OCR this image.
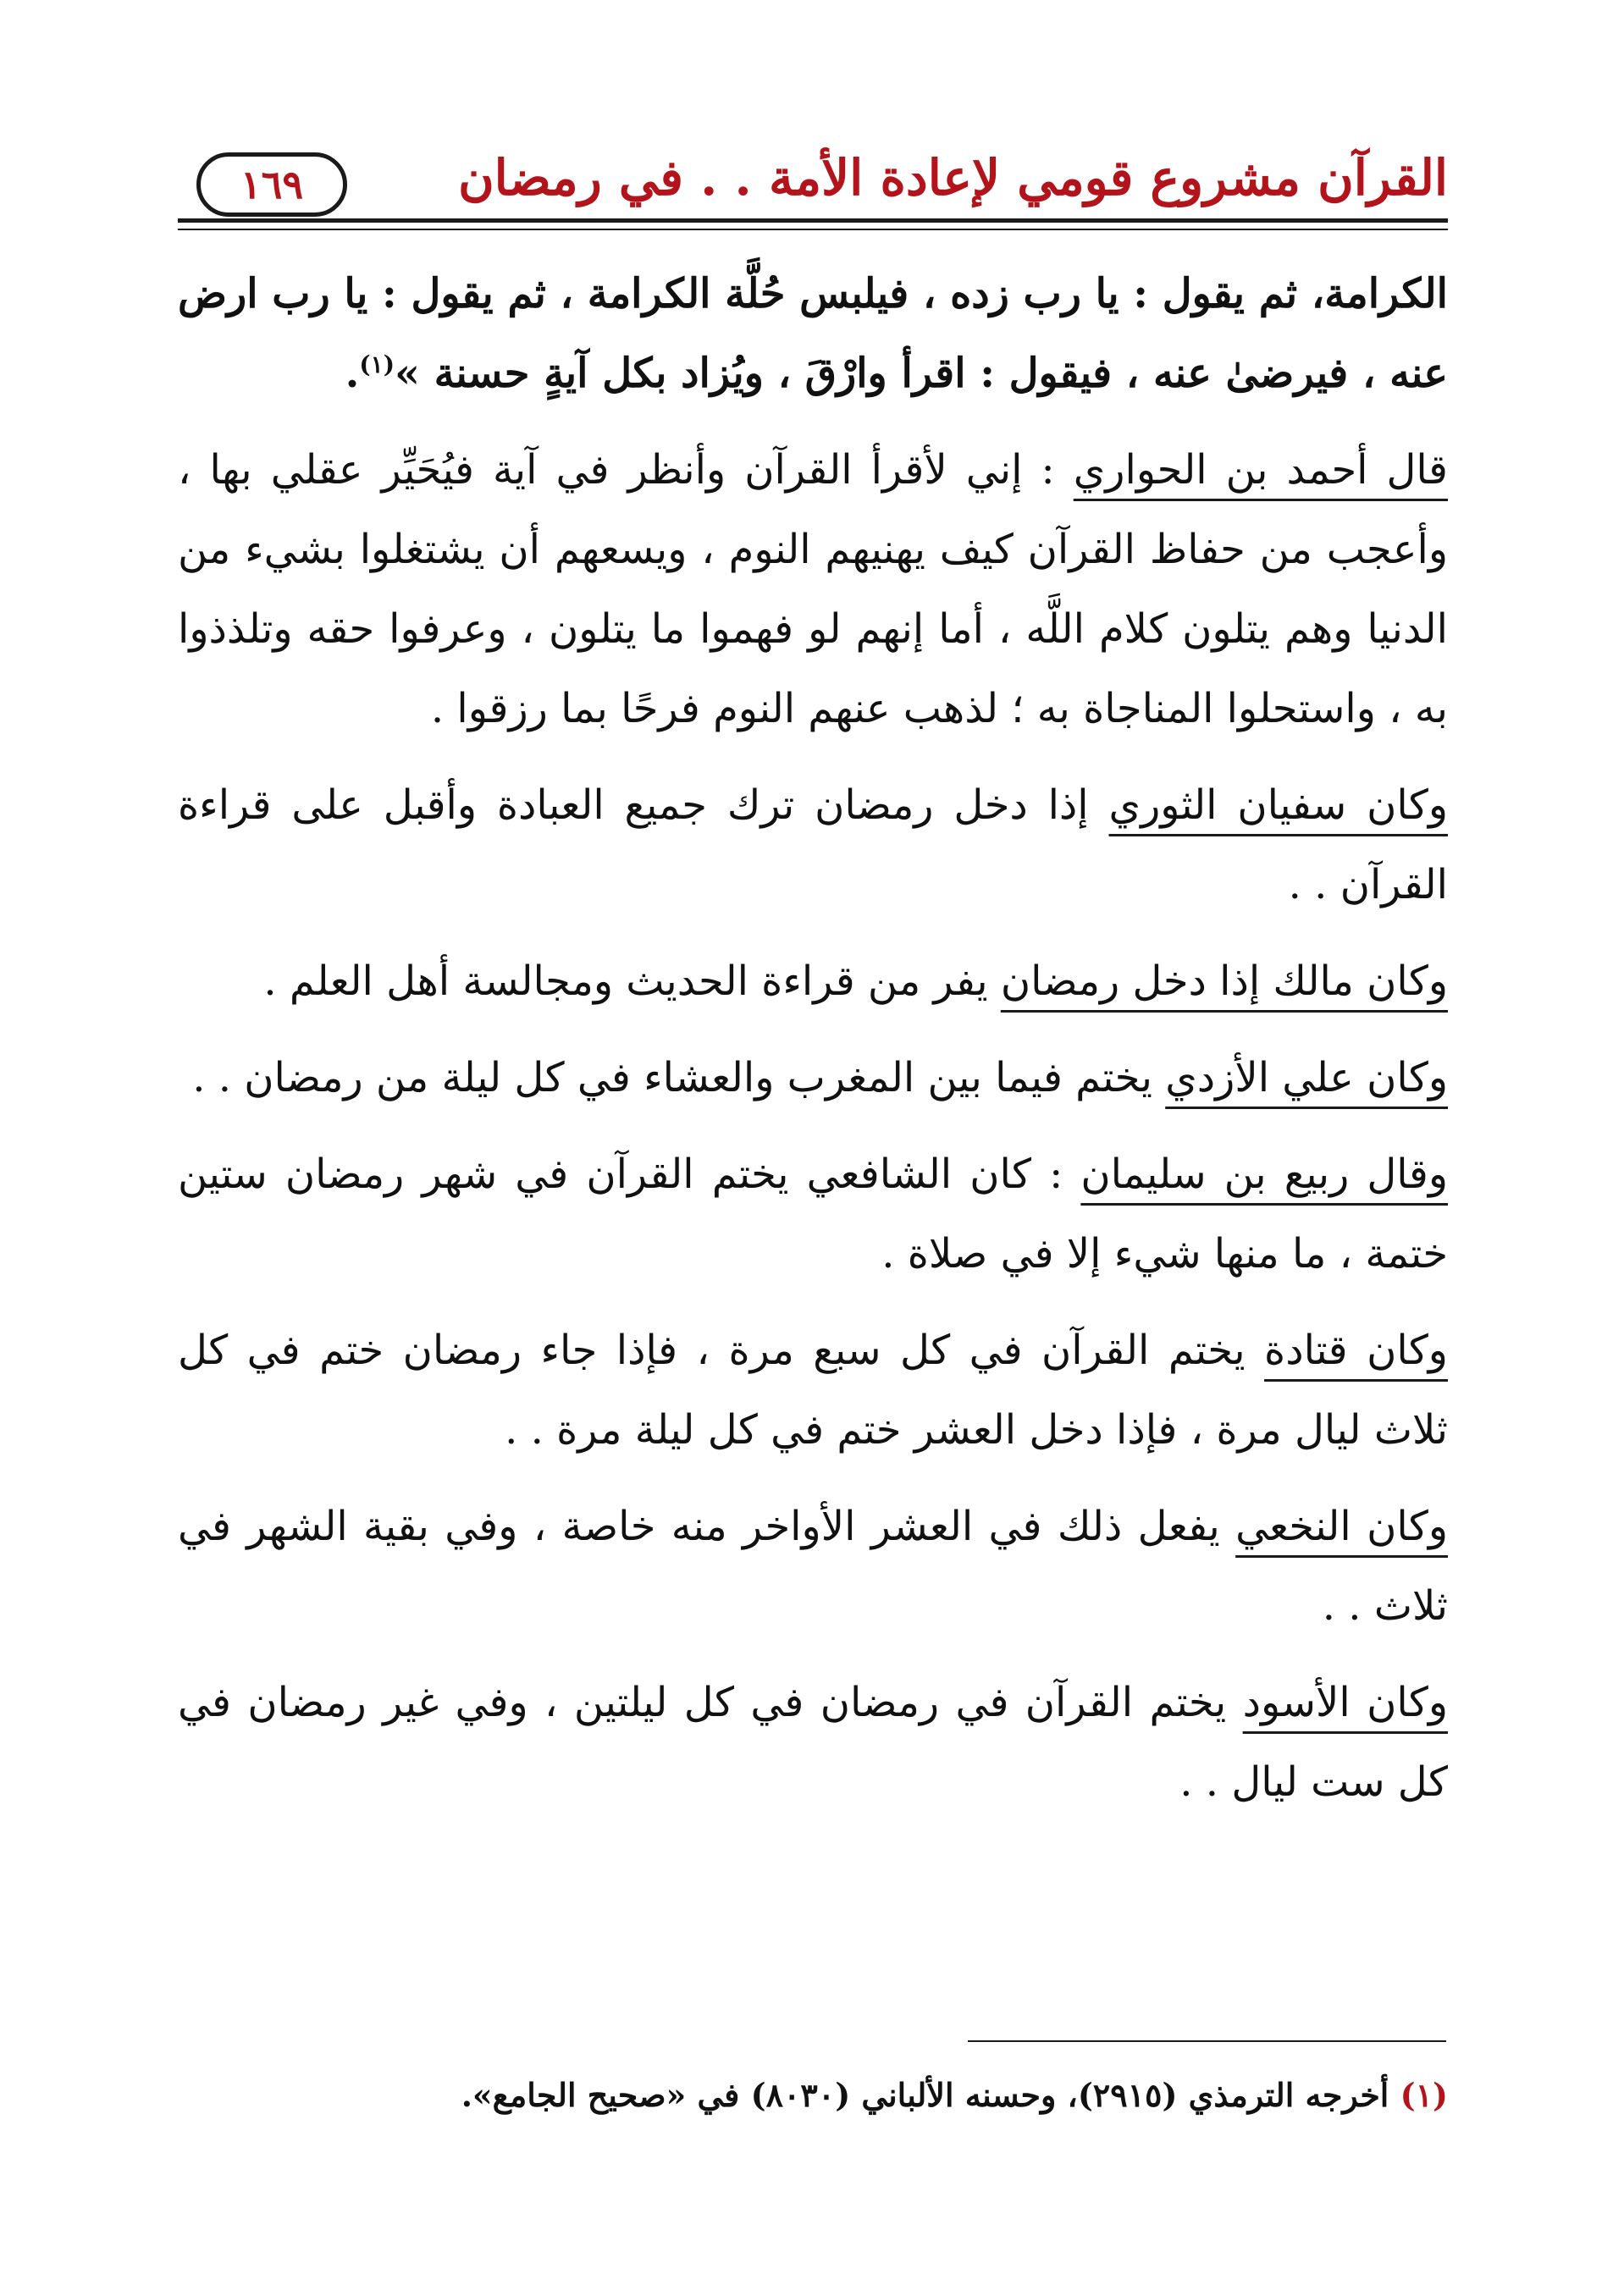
القرآن مشروع قومي لإعادة الأمة . . في رمضان
١٦٩

الكرامة، ثم يقول : يا رب زده ، فيلبس حُلَّة الكرامة ، ثم يقول : يا رب ارض عنه ، فيرضىٰ عنه ، فيقول : اقرأ وارْقَ ، ويُزاد بكل آيةٍ حسنة »$^{(١)}$.

قال أحمد بن الحواري : إني لأقرأ القرآن وأنظر في آية فيُحَيِّر عقلي بها ، وأعجب من حفاظ القرآن كيف يهنيهم النوم ، ويسعهم أن يشتغلوا بشيء من الدنيا وهم يتلون كلام اللَّه ، أما إنهم لو فهموا ما يتلون ، وعرفوا حقه وتلذذوا به ، واستحلوا المناجاة به ؛ لذهب عنهم النوم فرحًا بما رزقوا .

وكان سفيان الثوري إذا دخل رمضان ترك جميع العبادة وأقبل على قراءة القرآن . .

وكان مالك إذا دخل رمضان يفر من قراءة الحديث ومجالسة أهل العلم .

وكان علي الأزدي يختم فيما بين المغرب والعشاء في كل ليلة من رمضان . .

وقال ربيع بن سليمان : كان الشافعي يختم القرآن في شهر رمضان ستين ختمة ، ما منها شيء إلا في صلاة .

وكان قتادة يختم القرآن في كل سبع مرة ، فإذا جاء رمضان ختم في كل ثلاث ليال مرة ، فإذا دخل العشر ختم في كل ليلة مرة . .

وكان النخعي يفعل ذلك في العشر الأواخر منه خاصة ، وفي بقية الشهر في ثلاث . .

وكان الأسود يختم القرآن في رمضان في كل ليلتين ، وفي غير رمضان في كل ست ليال . .

(١) أخرجه الترمذي (٢٩١٥)، وحسنه الألباني (٨٠٣٠) في «صحيح الجامع».
